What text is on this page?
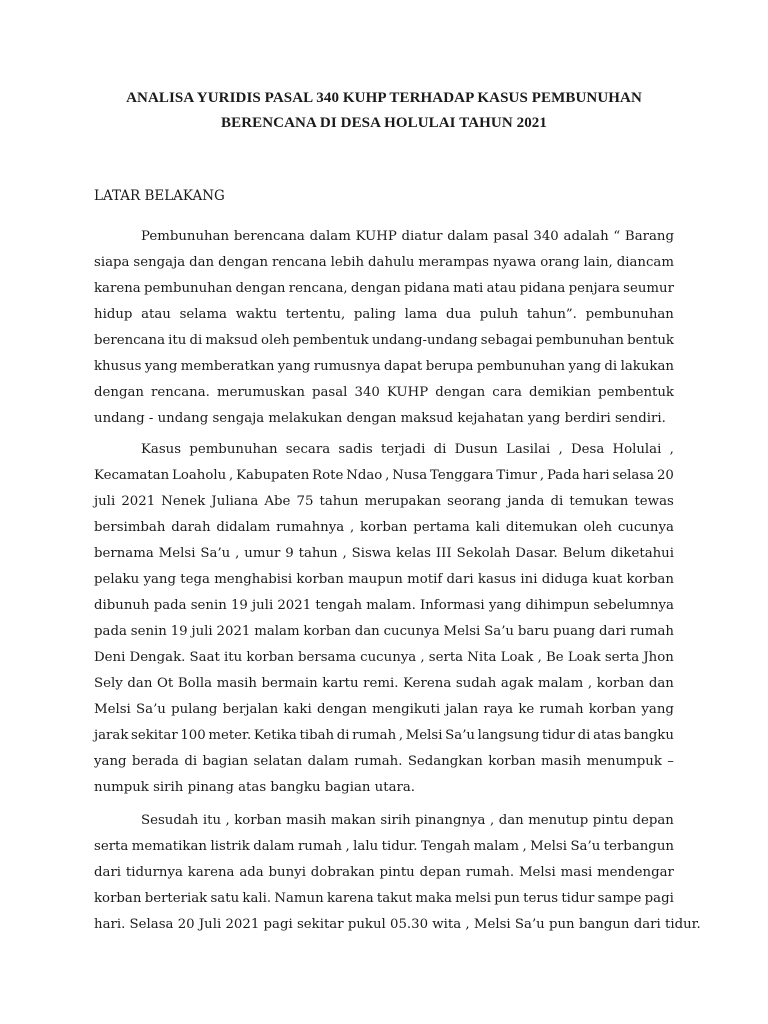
ANALISA YURIDIS PASAL 340 KUHP TERHADAP KASUS PEMBUNUHAN
BERENCANA DI DESA HOLULAI TAHUN 2021
LATAR BELAKANG
Pembunuhan berencana dalam KUHP diatur dalam pasal 340 adalah “ Barang
siapa sengaja dan dengan rencana lebih dahulu merampas nyawa orang lain, diancam
karena pembunuhan dengan rencana, dengan pidana mati atau pidana penjara seumur
hidup atau selama waktu tertentu, paling lama dua puluh tahun”. pembunuhan
berencana itu di maksud oleh pembentuk undang-undang sebagai pembunuhan bentuk
khusus yang memberatkan yang rumusnya dapat berupa pembunuhan yang di lakukan
dengan rencana. merumuskan pasal 340 KUHP dengan cara demikian pembentuk
undang - undang sengaja melakukan dengan maksud kejahatan yang berdiri sendiri.
Kasus pembunuhan secara sadis terjadi di Dusun Lasilai , Desa Holulai ,
Kecamatan Loaholu , Kabupaten Rote Ndao , Nusa Tenggara Timur , Pada hari selasa 20
juli 2021 Nenek Juliana Abe 75 tahun merupakan seorang janda di temukan tewas
bersimbah darah didalam rumahnya , korban pertama kali ditemukan oleh cucunya
bernama Melsi Sa’u , umur 9 tahun , Siswa kelas III Sekolah Dasar. Belum diketahui
pelaku yang tega menghabisi korban maupun motif dari kasus ini diduga kuat korban
dibunuh pada senin 19 juli 2021 tengah malam. Informasi yang dihimpun sebelumnya
pada senin 19 juli 2021 malam korban dan cucunya Melsi Sa’u baru puang dari rumah
Deni Dengak. Saat itu korban bersama cucunya , serta Nita Loak , Be Loak serta Jhon
Sely dan Ot Bolla masih bermain kartu remi. Kerena sudah agak malam , korban dan
Melsi Sa’u pulang berjalan kaki dengan mengikuti jalan raya ke rumah korban yang
jarak sekitar 100 meter. Ketika tibah di rumah , Melsi Sa’u langsung tidur di atas bangku
yang berada di bagian selatan dalam rumah. Sedangkan korban masih menumpuk –
numpuk sirih pinang atas bangku bagian utara.
Sesudah itu , korban masih makan sirih pinangnya , dan menutup pintu depan
serta mematikan listrik dalam rumah , lalu tidur. Tengah malam , Melsi Sa’u terbangun
dari tidurnya karena ada bunyi dobrakan pintu depan rumah. Melsi masi mendengar
korban berteriak satu kali. Namun karena takut maka melsi pun terus tidur sampe pagi
hari. Selasa 20 Juli 2021 pagi sekitar pukul 05.30 wita , Melsi Sa’u pun bangun dari tidur.
